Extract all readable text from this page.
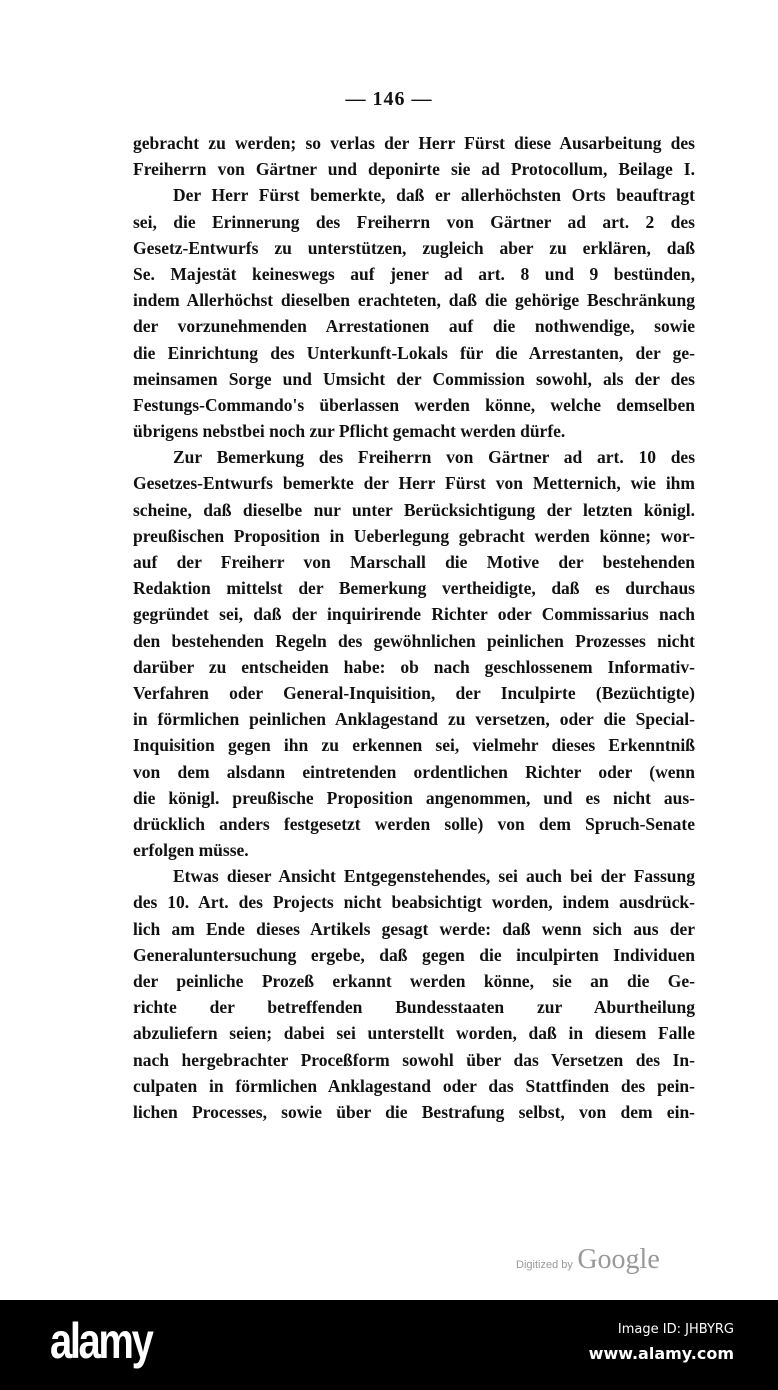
— 146 —
gebracht zu werden; so verlas der Herr Fürst diese Ausarbeitung des
Freiherrn von Gärtner und deponirte sie ad Protocollum, Beilage I.
Der Herr Fürst bemerkte, daß er allerhöchsten Orts beauftragt
sei, die Erinnerung des Freiherrn von Gärtner ad art. 2 des
Gesetz-Entwurfs zu unterstützen, zugleich aber zu erklären, daß
Se. Majestät keineswegs auf jener ad art. 8 und 9 bestünden,
indem Allerhöchst dieselben erachteten, daß die gehörige Beschränkung
der vorzunehmenden Arrestationen auf die nothwendige, sowie
die Einrichtung des Unterkunft-Lokals für die Arrestanten, der ge-
meinsamen Sorge und Umsicht der Commission sowohl, als der des
Festungs-Commando's überlassen werden könne, welche demselben
übrigens nebstbei noch zur Pflicht gemacht werden dürfe.
Zur Bemerkung des Freiherrn von Gärtner ad art. 10 des
Gesetzes-Entwurfs bemerkte der Herr Fürst von Metternich, wie ihm
scheine, daß dieselbe nur unter Berücksichtigung der letzten königl.
preußischen Proposition in Ueberlegung gebracht werden könne; wor-
auf der Freiherr von Marschall die Motive der bestehenden
Redaktion mittelst der Bemerkung vertheidigte, daß es durchaus
gegründet sei, daß der inquirirende Richter oder Commissarius nach
den bestehenden Regeln des gewöhnlichen peinlichen Prozesses nicht
darüber zu entscheiden habe: ob nach geschlossenem Informativ-
Verfahren oder General-Inquisition, der Inculpirte (Bezüchtigte)
in förmlichen peinlichen Anklagestand zu versetzen, oder die Special-
Inquisition gegen ihn zu erkennen sei, vielmehr dieses Erkenntniß
von dem alsdann eintretenden ordentlichen Richter oder (wenn
die königl. preußische Proposition angenommen, und es nicht aus-
drücklich anders festgesetzt werden solle) von dem Spruch-Senate
erfolgen müsse.
Etwas dieser Ansicht Entgegenstehendes, sei auch bei der Fassung
des 10. Art. des Projects nicht beabsichtigt worden, indem ausdrück-
lich am Ende dieses Artikels gesagt werde: daß wenn sich aus der
Generaluntersuchung ergebe, daß gegen die inculpirten Individuen
der peinliche Prozeß erkannt werden könne, sie an die Ge-
richte der betreffenden Bundesstaaten zur Aburtheilung
abzuliefern seien; dabei sei unterstellt worden, daß in diesem Falle
nach hergebrachter Proceßform sowohl über das Versetzen des In-
culpaten in förmlichen Anklagestand oder das Stattfinden des pein-
lichen Processes, sowie über die Bestrafung selbst, von dem ein-
Digitized by Google
alamy	Image ID: JHBYRG
www.alamy.com
